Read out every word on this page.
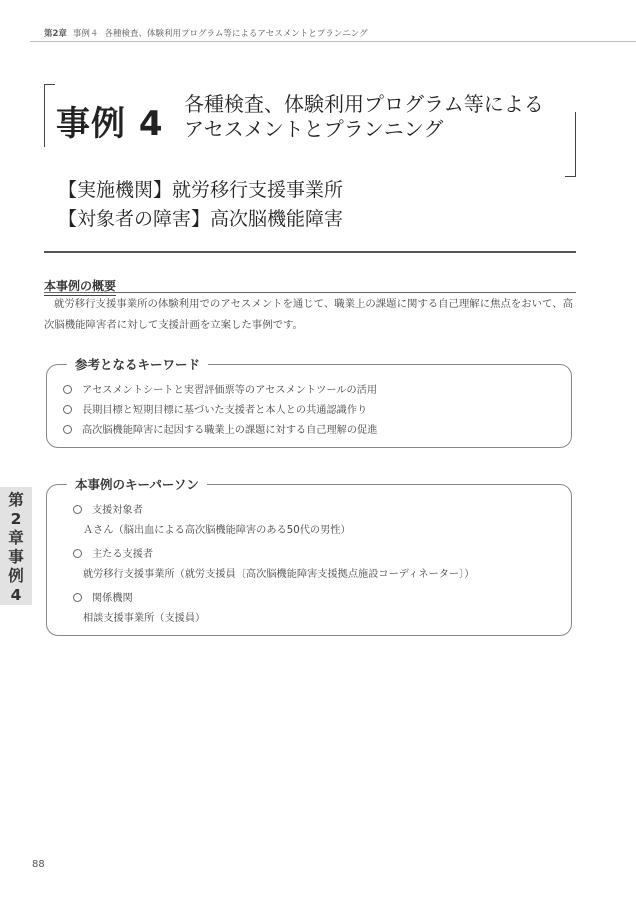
第2章 事例４ 各種検査、体験利用プログラム等によるアセスメントとプランニング
事例 4 各種検査、体験利用プログラム等による
アセスメントとプランニング
【実施機関】就労移行支援事業所
【対象者の障害】高次脳機能障害
本事例の概要
就労移行支援事業所の体験利用でのアセスメントを通じて、職業上の課題に関する自己理解に焦点をおいて、高次脳機能障害者に対して支援計画を立案した事例です。
参考となるキーワード
アセスメントシートと実習評価票等のアセスメントツールの活用
長期目標と短期目標に基づいた支援者と本人との共通認識作り
高次脳機能障害に起因する職業上の課題に対する自己理解の促進
本事例のキーパーソン
支援対象者
Ａさん（脳出血による高次脳機能障害のある50代の男性）
主たる支援者
就労移行支援事業所（就労支援員〔高次脳機能障害支援拠点施設コーディネーター〕）
関係機関
相談支援事業所（支援員）
第
2
章
事
例
4
88
